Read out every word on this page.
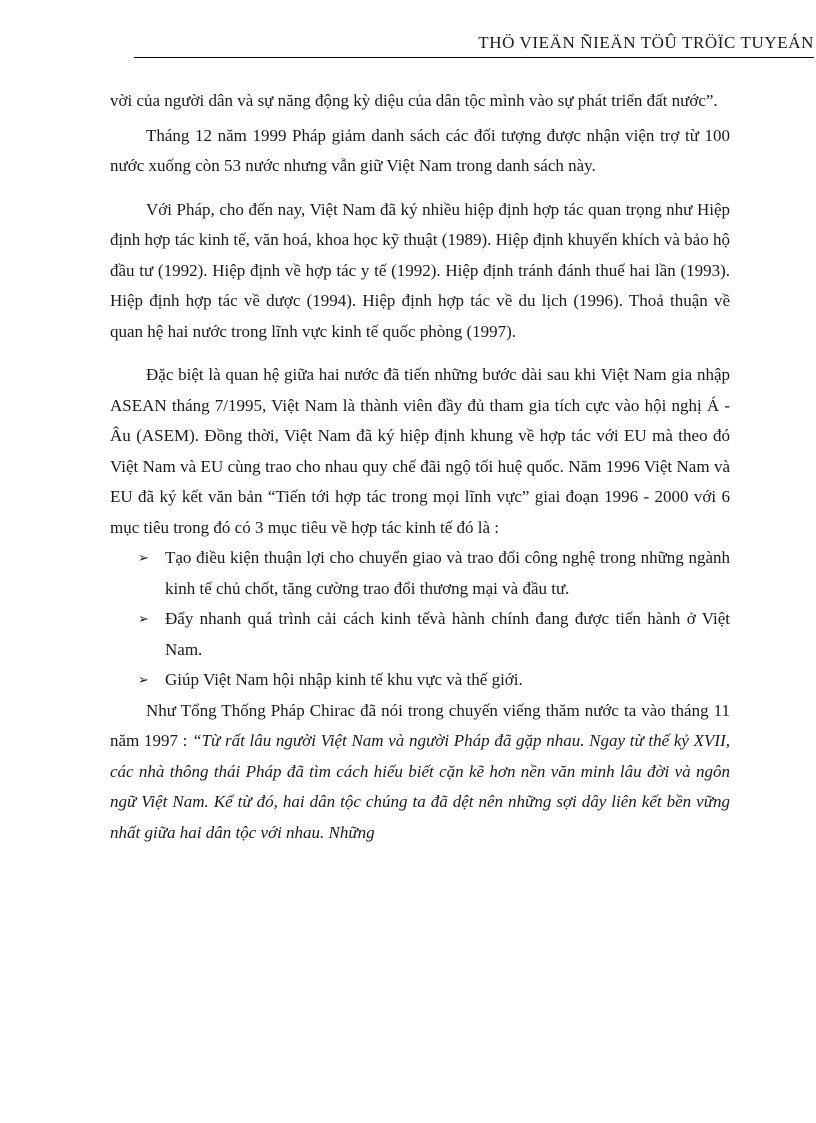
THÖ VIEÄN ÑIEÄN TÖÛ TRÖÏC TUYEÁN

vời của người dân và sự năng động kỳ diệu của dân tộc mình vào sự phát triển đất nước”.

Tháng 12 năm 1999 Pháp giảm danh sách các đối tượng được nhận viện trợ từ 100 nước xuống còn 53 nước nhưng vẫn giữ Việt Nam trong danh sách này.

Với Pháp, cho đến nay, Việt Nam đã ký nhiều hiệp định hợp tác quan trọng như Hiệp định hợp tác kinh tế, văn hoá, khoa học kỹ thuật (1989). Hiệp định khuyến khích và bảo hộ đầu tư (1992). Hiệp định về hợp tác y tế (1992). Hiệp định tránh đánh thuế hai lần (1993). Hiệp định hợp tác về dược (1994). Hiệp định hợp tác về du lịch (1996). Thoả thuận về quan hệ hai nước trong lĩnh vực kinh tế quốc phòng (1997).

Đặc biệt là quan hệ giữa hai nước đã tiến những bước dài sau khi Việt Nam gia nhập ASEAN tháng 7/1995, Việt Nam là thành viên đầy đủ tham gia tích cực vào hội nghị Á - Âu (ASEM). Đồng thời, Việt Nam đã ký hiệp định khung về hợp tác với EU mà theo đó Việt Nam và EU cùng trao cho nhau quy chế đãi ngộ tối huệ quốc. Năm 1996 Việt Nam và EU đã ký kết văn bản “Tiến tới hợp tác trong mọi lĩnh vực” giai đoạn 1996 - 2000 với 6 mục tiêu trong đó có 3 mục tiêu về hợp tác kinh tế đó là :

➢ Tạo điều kiện thuận lợi cho chuyển giao và trao đổi công nghệ trong những ngành kinh tế chủ chốt, tăng cường trao đổi thương mại và đầu tư.

➢ Đẩy nhanh quá trình cải cách kinh tếvà hành chính đang được tiến hành ở Việt Nam.

➢ Giúp Việt Nam hội nhập kinh tế khu vực và thế giới.

Như Tổng Thống Pháp Chirac đã nói trong chuyến viếng thăm nước ta vào tháng 11 năm 1997 : “Từ rất lâu người Việt Nam và người Pháp đã gặp nhau. Ngay từ thế kỷ XVII, các nhà thông thái Pháp đã tìm cách hiểu biết cặn kẽ hơn nền văn minh lâu đời và ngôn ngữ Việt Nam. Kể từ đó, hai dân tộc chúng ta đã dệt nên những sợi dây liên kết bền vững nhất giữa hai dân tộc với nhau. Những
